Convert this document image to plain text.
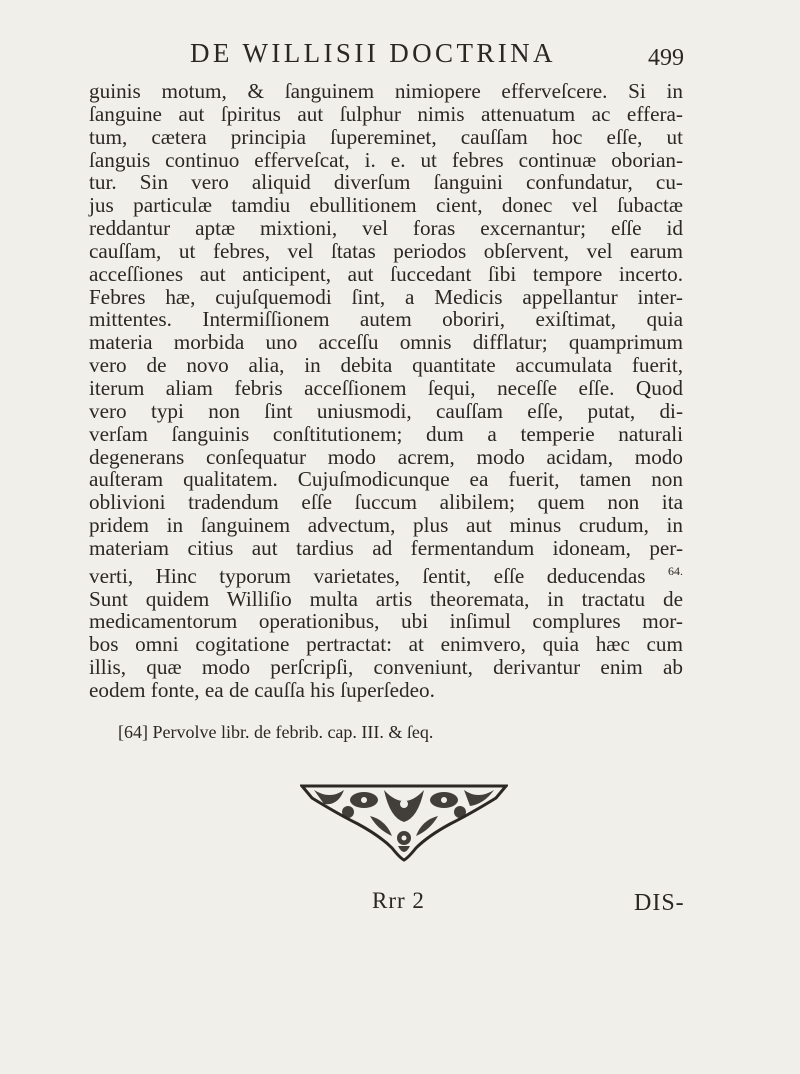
DE WILLISII DOCTRINA	499
guinis motum, & ſanguinem nimiopere efferveſcere. Si in
ſanguine aut ſpiritus aut ſulphur nimis attenuatum ac effera-
tum, cætera principia ſupereminet, cauſſam hoc eſſe, ut
ſanguis continuo efferveſcat, i. e. ut febres continuæ oborian-
tur. Sin vero aliquid diverſum ſanguini confundatur, cu-
jus particulæ tamdiu ebullitionem cient, donec vel ſubactæ
reddantur aptæ mixtioni, vel foras excernantur; eſſe id
cauſſam, ut febres, vel ſtatas periodos obſervent, vel earum
acceſſiones aut anticipent, aut ſuccedant ſibi tempore incerto.
Febres hæ, cujuſquemodi ſint, a Medicis appellantur inter-
mittentes. Intermiſſionem autem oboriri, exiſtimat, quia
materia morbida uno acceſſu omnis difflatur; quamprimum
vero de novo alia, in debita quantitate accumulata fuerit,
iterum aliam febris acceſſionem ſequi, neceſſe eſſe. Quod
vero typi non ſint uniusmodi, cauſſam eſſe, putat, di-
verſam ſanguinis conſtitutionem; dum a temperie naturali
degenerans conſequatur modo acrem, modo acidam, modo
auſteram qualitatem. Cujuſmodicunque ea fuerit, tamen non
oblivioni tradendum eſſe ſuccum alibilem; quem non ita
pridem in ſanguinem advectum, plus aut minus crudum, in
materiam citius aut tardius ad fermentandum idoneam, per-
verti, Hinc typorum varietates, ſentit, eſſe deducendas $^{64.}$
Sunt quidem Williſio multa artis theoremata, in tractatu de
medicamentorum operationibus, ubi inſimul complures mor-
bos omni cogitatione pertractat: at enimvero, quia hæc cum
illis, quæ modo perſcripſi, conveniunt, derivantur enim ab
eodem fonte, ea de cauſſa his ſuperſedeo.
[64] Pervolve libr. de febrib. cap. III. & ſeq.
Rrr 2	DIS-
